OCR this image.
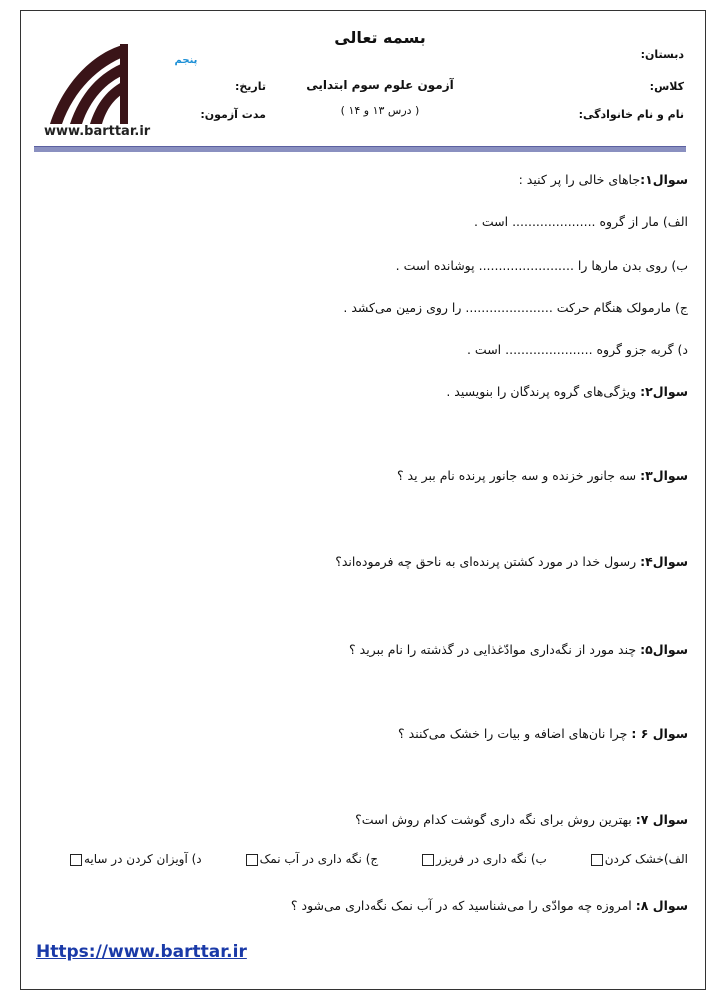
www.barttar.ir
پنجم
بسمه تعالی
دبستان:
کلاس:
نام و نام خانوادگی:
آزمون علوم سوم ابتدایی
( درس ۱۳ و ۱۴ )
تاریخ:
مدت آزمون:
سوال۱:جاهای خالی را پر کنید :
الف) مار از گروه ..................... است .
ب) روی بدن مارها را ........................ پوشانده است .
ج) مارمولک هنگام حرکت ...................... را روی زمین می‌کشد .
د) گربه جزو گروه ...................... است .
سوال۲: ویژگی‌های گروه پرندگان را بنویسید .
سوال۳: سه جانور خزنده و سه جانور پرنده نام ببر ید ؟
سوال۴: رسول خدا در مورد کشتن پرنده‌ای به ناحق چه فرموده‌اند؟
سوال۵: چند مورد از نگه‌داری موادّغذایی در گذشته را نام ببرید ؟
سوال ۶ : چرا نان‌های اضافه و بیات را خشک می‌کنند ؟
سوال ۷: بهترین روش برای نگه داری گوشت کدام روش است؟
الف)خشک کردن
ب) نگه داری در فریزر
ج) نگه داری در آب نمک
د) آویزان کردن در سایه
سوال ۸: امروزه چه موادّی را می‌شناسید که در آب نمک نگه‌داری می‌شود ؟
Https://www.barttar.ir
